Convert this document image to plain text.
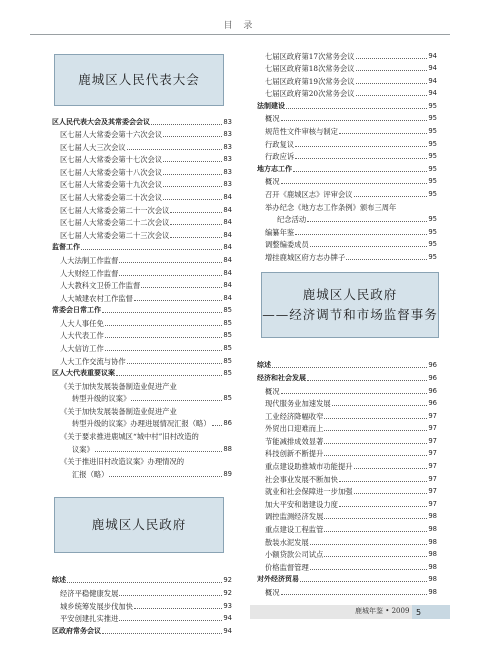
目 录
鹿城区人民代表大会
区人民代表大会及其常委会会议	83
区七届人大常委会第十六次会议	83
区七届人大三次会议	83
区七届人大常委会第十七次会议	83
区七届人大常委会第十八次会议	83
区七届人大常委会第十九次会议	83
区七届人大常委会第二十次会议	84
区七届人大常委会第二十一次会议	84
区七届人大常委会第二十二次会议	84
区七届人大常委会第二十三次会议	84
监督工作	84
人大法制工作监督	84
人大财经工作监督	84
人大教科文卫侨工作监督	84
人大城建农村工作监督	84
常委会日常工作	85
人大人事任免	85
人大代表工作	85
人大信访工作	85
人大工作交流与协作	85
区人大代表重要议案	85
《关于加快发展装备制造业促进产业
转型升级的议案》	85
《关于加快发展装备制造业促进产业
转型升级的议案》办理进展情况汇报（略） 86
《关于要求推进鹿城区“城中村”旧村改造的
议案》	88
《关于推进旧村改造议案》办理情况的
汇报（略）	89
鹿城区人民政府
综述	92
经济平稳健康发展	92
城乡统筹发展步伐加快	93
平安创建扎实推进	94
区政府常务会议	94
七届区政府第17次常务会议	94
七届区政府第18次常务会议	94
七届区政府第19次常务会议	94
七届区政府第20次常务会议	94
法制建设	95
概况	95
规范性文件审核与制定	95
行政复议	95
行政应诉	95
地方志工作	95
概况	95
召开《鹿城区志》评审会议	95
举办纪念《地方志工作条例》颁布三周年
纪念活动	95
编纂年鉴	95
调整编委成员	95
增挂鹿城区府方志办牌子	95
鹿城区人民政府
——经济调节和市场监督事务
综述	96
经济和社会发展	96
概况	96
现代服务业加速发展	96
工业经济降幅收窄	97
外贸出口迎难而上	97
节能减排成效显著	97
科技创新不断提升	97
重点建设助推城市功能提升	97
社会事业发展不断加快	97
就业和社会保障进一步加强	97
加大平安和谐建设力度	97
调控监测经济发展	98
重点建设工程监管	98
散装水泥发展	98
小额贷款公司试点	98
价格监督管理	98
对外经济贸易	98
概况	98
鹿城年鉴 • 2009 5
